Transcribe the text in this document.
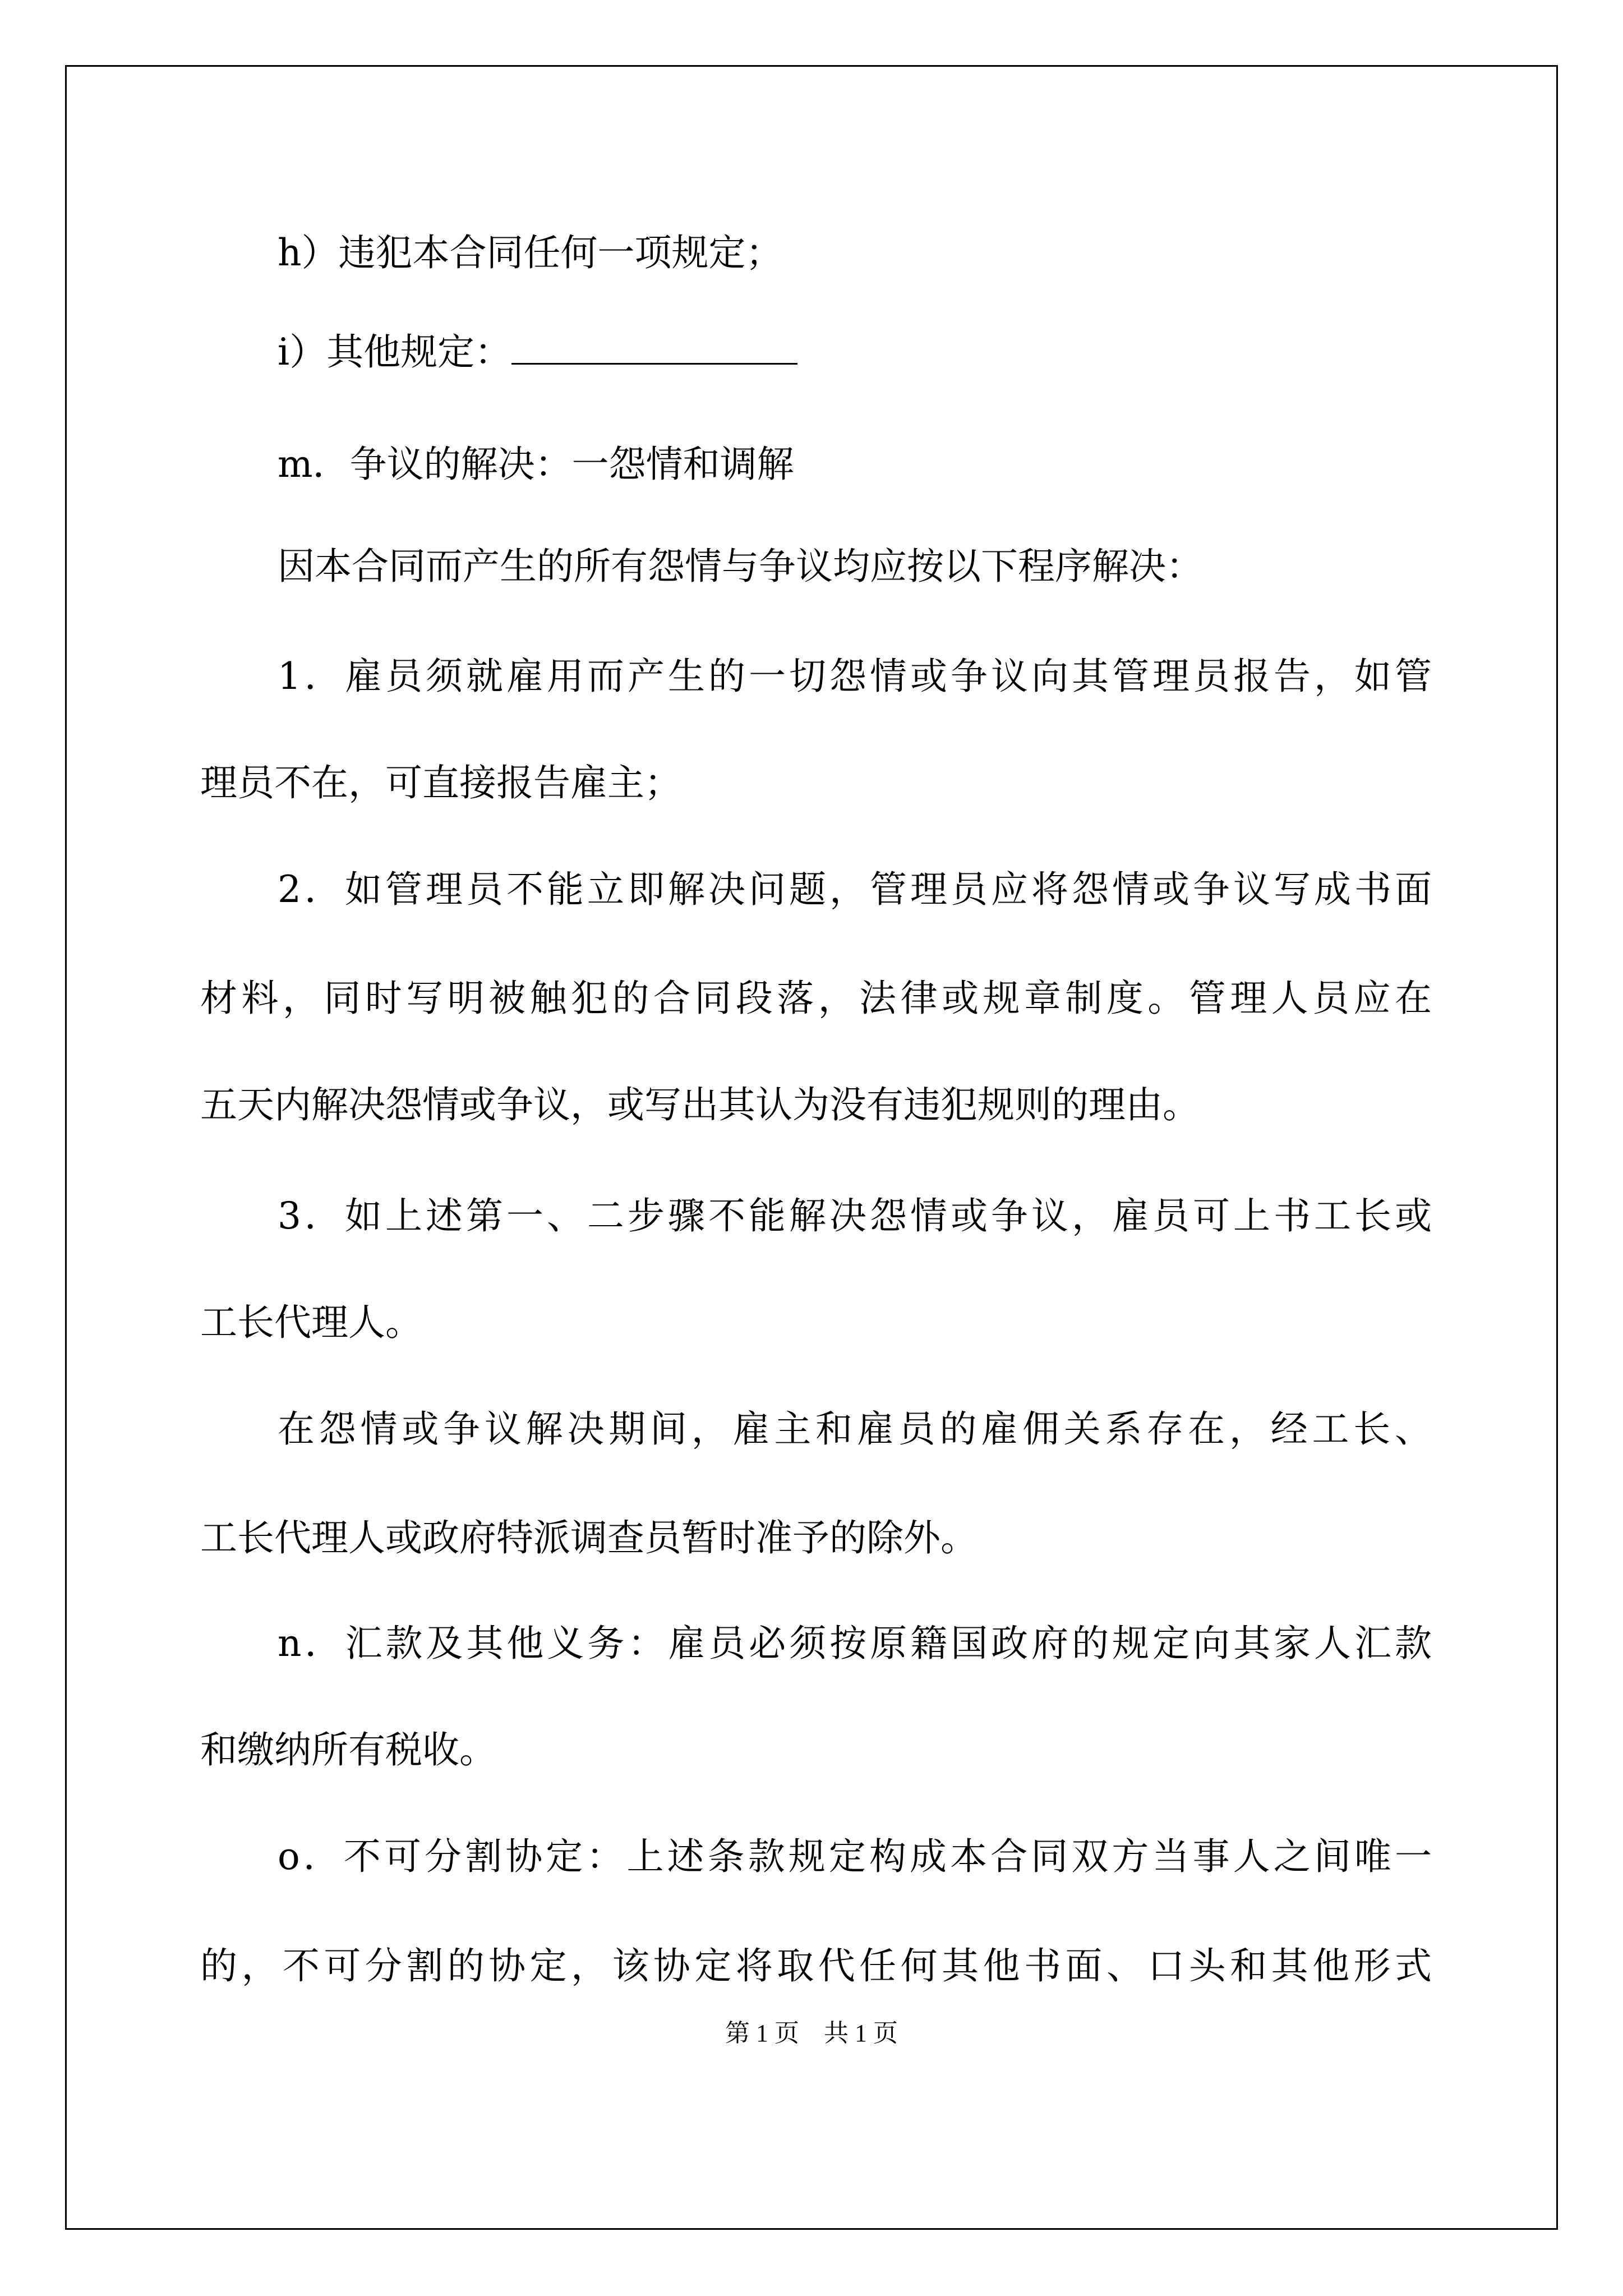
h）违犯本合同任何一项规定；
i）其他规定：
m．争议的解决：一怨情和调解
因本合同而产生的所有怨情与争议均应按以下程序解决：
1．雇员须就雇用而产生的一切怨情或争议向其管理员报告，如管
理员不在，可直接报告雇主；
2．如管理员不能立即解决问题，管理员应将怨情或争议写成书面
材料，同时写明被触犯的合同段落，法律或规章制度。管理人员应在
五天内解决怨情或争议，或写出其认为没有违犯规则的理由。
3．如上述第一、二步骤不能解决怨情或争议，雇员可上书工长或
工长代理人。
在怨情或争议解决期间，雇主和雇员的雇佣关系存在，经工长、
工长代理人或政府特派调查员暂时准予的除外。
n．汇款及其他义务：雇员必须按原籍国政府的规定向其家人汇款
和缴纳所有税收。
o．不可分割协定：上述条款规定构成本合同双方当事人之间唯一
的，不可分割的协定，该协定将取代任何其他书面、口头和其他形式
第 1 页　共 1 页
